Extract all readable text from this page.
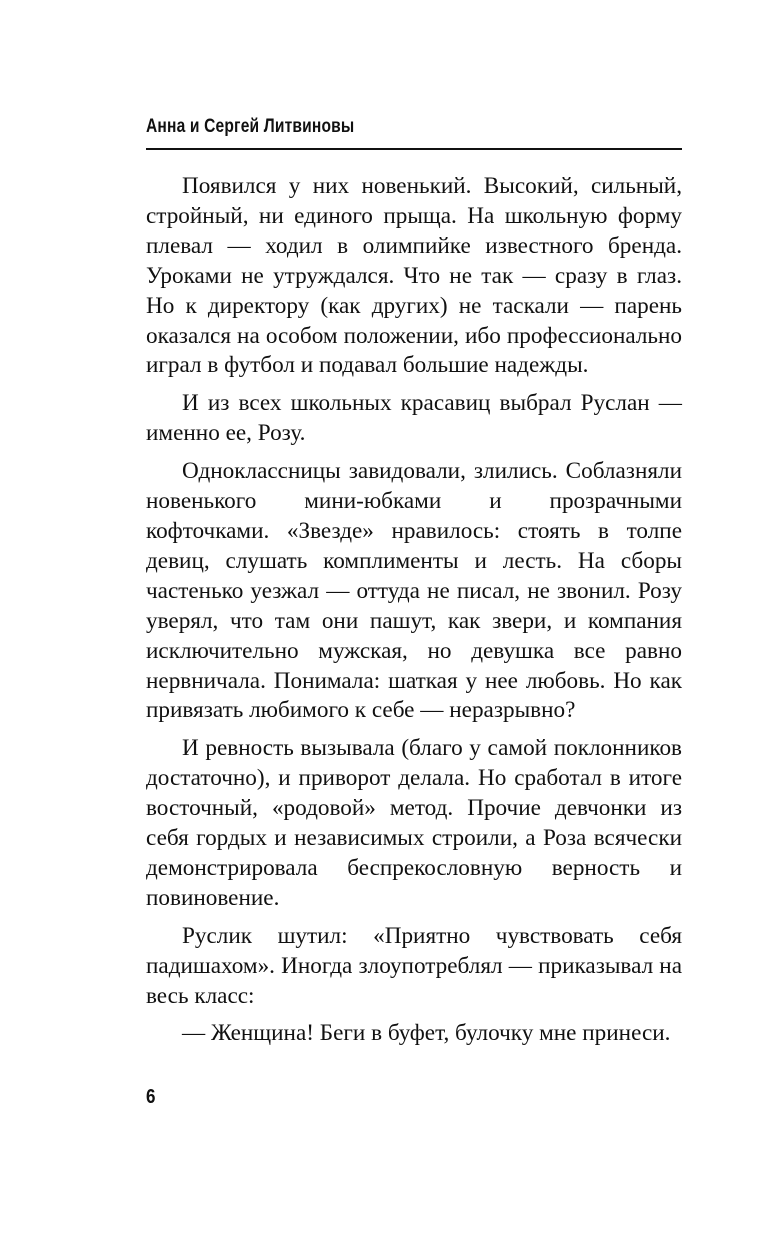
Анна и Сергей Литвиновы

Появился у них новенький. Высокий, сильный, стройный, ни единого прыща. На школьную форму плевал — ходил в олимпийке известного бренда. Уроками не утруждался. Что не так — сразу в глаз. Но к директору (как других) не таскали — парень оказался на особом положении, ибо профессионально играл в футбол и подавал большие надежды.

И из всех школьных красавиц выбрал Руслан — именно ее, Розу.

Одноклассницы завидовали, злились. Соблазняли новенького мини-юбками и прозрачными кофточками. «Звезде» нравилось: стоять в толпе девиц, слушать комплименты и лесть. На сборы частенько уезжал — оттуда не писал, не звонил. Розу уверял, что там они пашут, как звери, и компания исключительно мужская, но девушка все равно нервничала. Понимала: шаткая у нее любовь. Но как привязать любимого к себе — неразрывно?

И ревность вызывала (благо у самой поклонников достаточно), и приворот делала. Но сработал в итоге восточный, «родовой» метод. Прочие девчонки из себя гордых и независимых строили, а Роза всячески демонстрировала беспрекословную верность и повиновение.

Руслик шутил: «Приятно чувствовать себя падишахом». Иногда злоупотреблял — приказывал на весь класс:

— Женщина! Беги в буфет, булочку мне принеси.

6
